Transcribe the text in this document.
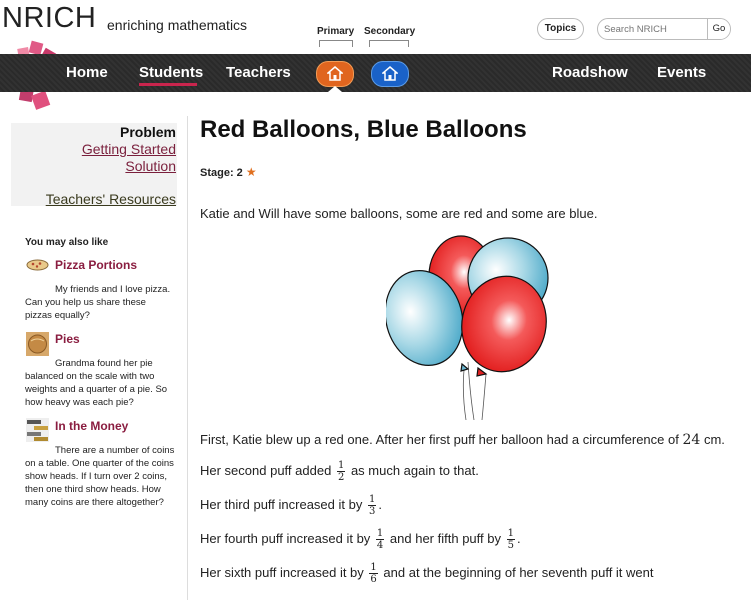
NRICH enriching mathematics	Primary Secondary	Topics
Search NRICH	Go
Home Students Teachers	Roadshow Events
Problem
Getting Started
Solution
Teachers' Resources
You may also like
Pizza Portions
My friends and I love pizza. Can you help us share these pizzas equally?
Pies
Grandma found her pie balanced on the scale with two weights and a quarter of a pie. So how heavy was each pie?
In the Money
There are a number of coins on a table. One quarter of the coins show heads. If I turn over 2 coins, then one third show heads. How many coins are there altogether?
Red Balloons, Blue Balloons
Stage: 2 ★
Katie and Will have some balloons, some are red and some are blue.
First, Katie blew up a red one. After her first puff her balloon had a circumference of 24 cm.
Her second puff added $\frac{1}{2}$ as much again to that.
Her third puff increased it by $\frac{1}{3}$ .
Her fourth puff increased it by $\frac{1}{4}$ and her fifth puff by $\frac{1}{5}$ .
Her sixth puff increased it by $\frac{1}{6}$ and at the beginning of her seventh puff it went
